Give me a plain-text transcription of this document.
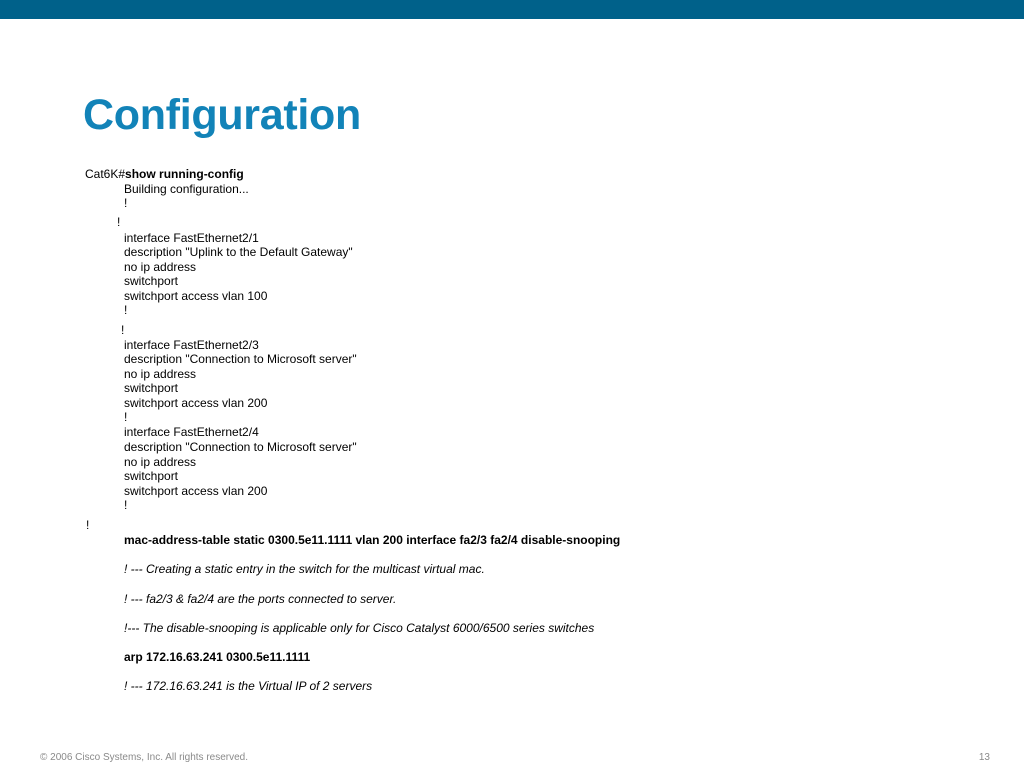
Configuration
Cat6K#show running-config
Building configuration...
!
!
interface FastEthernet2/1
description "Uplink to the Default Gateway"
no ip address
switchport
switchport access vlan 100
!
!
interface FastEthernet2/3
description "Connection to Microsoft server"
no ip address
switchport
switchport access vlan 200
!
interface FastEthernet2/4
description "Connection to Microsoft server"
no ip address
switchport
switchport access vlan 200
!
!
mac-address-table static 0300.5e11.1111 vlan 200 interface fa2/3 fa2/4 disable-snooping
! --- Creating a static entry in the switch for the multicast virtual mac.
! --- fa2/3 & fa2/4 are the ports connected to server.
!--- The disable-snooping is applicable only for Cisco Catalyst 6000/6500 series switches
arp 172.16.63.241 0300.5e11.1111
! --- 172.16.63.241 is the Virtual IP of 2 servers
© 2006 Cisco Systems, Inc. All rights reserved.	13
